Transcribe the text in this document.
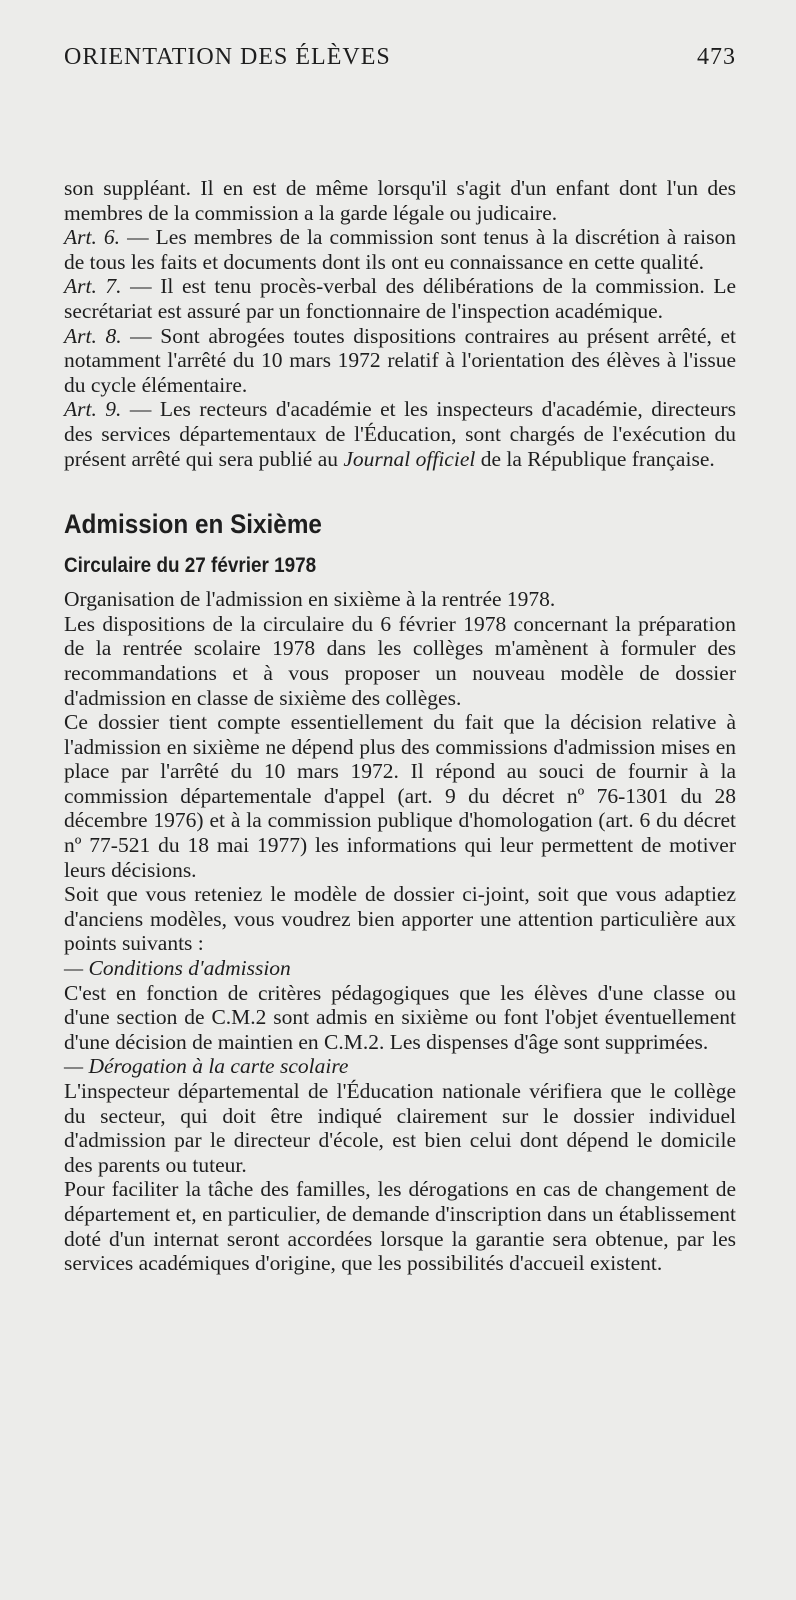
ORIENTATION DES ÉLÈVES	473

son suppléant. Il en est de même lorsqu'il s'agit d'un enfant dont l'un des membres de la commission a la garde légale ou judicaire.

Art. 6. — Les membres de la commission sont tenus à la discrétion à raison de tous les faits et documents dont ils ont eu connaissance en cette qualité.

Art. 7. — Il est tenu procès-verbal des délibérations de la commission. Le secrétariat est assuré par un fonctionnaire de l'inspection académique.

Art. 8. — Sont abrogées toutes dispositions contraires au présent arrêté, et notamment l'arrêté du 10 mars 1972 relatif à l'orientation des élèves à l'issue du cycle élémentaire.

Art. 9. — Les recteurs d'académie et les inspecteurs d'académie, directeurs des services départementaux de l'Éducation, sont chargés de l'exécution du présent arrêté qui sera publié au Journal officiel de la République française.

Admission en Sixième
Circulaire du 27 février 1978

Organisation de l'admission en sixième à la rentrée 1978.

Les dispositions de la circulaire du 6 février 1978 concernant la préparation de la rentrée scolaire 1978 dans les collèges m'amènent à formuler des recommandations et à vous proposer un nouveau modèle de dossier d'admission en classe de sixième des collèges.

Ce dossier tient compte essentiellement du fait que la décision relative à l'admission en sixième ne dépend plus des commissions d'admission mises en place par l'arrêté du 10 mars 1972. Il répond au souci de fournir à la commission départementale d'appel (art. 9 du décret nº 76-1301 du 28 décembre 1976) et à la commission publique d'homologation (art. 6 du décret nº 77-521 du 18 mai 1977) les informations qui leur permettent de motiver leurs décisions.

Soit que vous reteniez le modèle de dossier ci-joint, soit que vous adaptiez d'anciens modèles, vous voudrez bien apporter une attention particulière aux points suivants :

— Conditions d'admission

C'est en fonction de critères pédagogiques que les élèves d'une classe ou d'une section de C.M.2 sont admis en sixième ou font l'objet éventuellement d'une décision de maintien en C.M.2. Les dispenses d'âge sont supprimées.

— Dérogation à la carte scolaire

L'inspecteur départemental de l'Éducation nationale vérifiera que le collège du secteur, qui doit être indiqué clairement sur le dossier individuel d'admission par le directeur d'école, est bien celui dont dépend le domicile des parents ou tuteur.

Pour faciliter la tâche des familles, les dérogations en cas de changement de département et, en particulier, de demande d'inscription dans un établissement doté d'un internat seront accordées lorsque la garantie sera obtenue, par les services académiques d'origine, que les possibilités d'accueil existent.
